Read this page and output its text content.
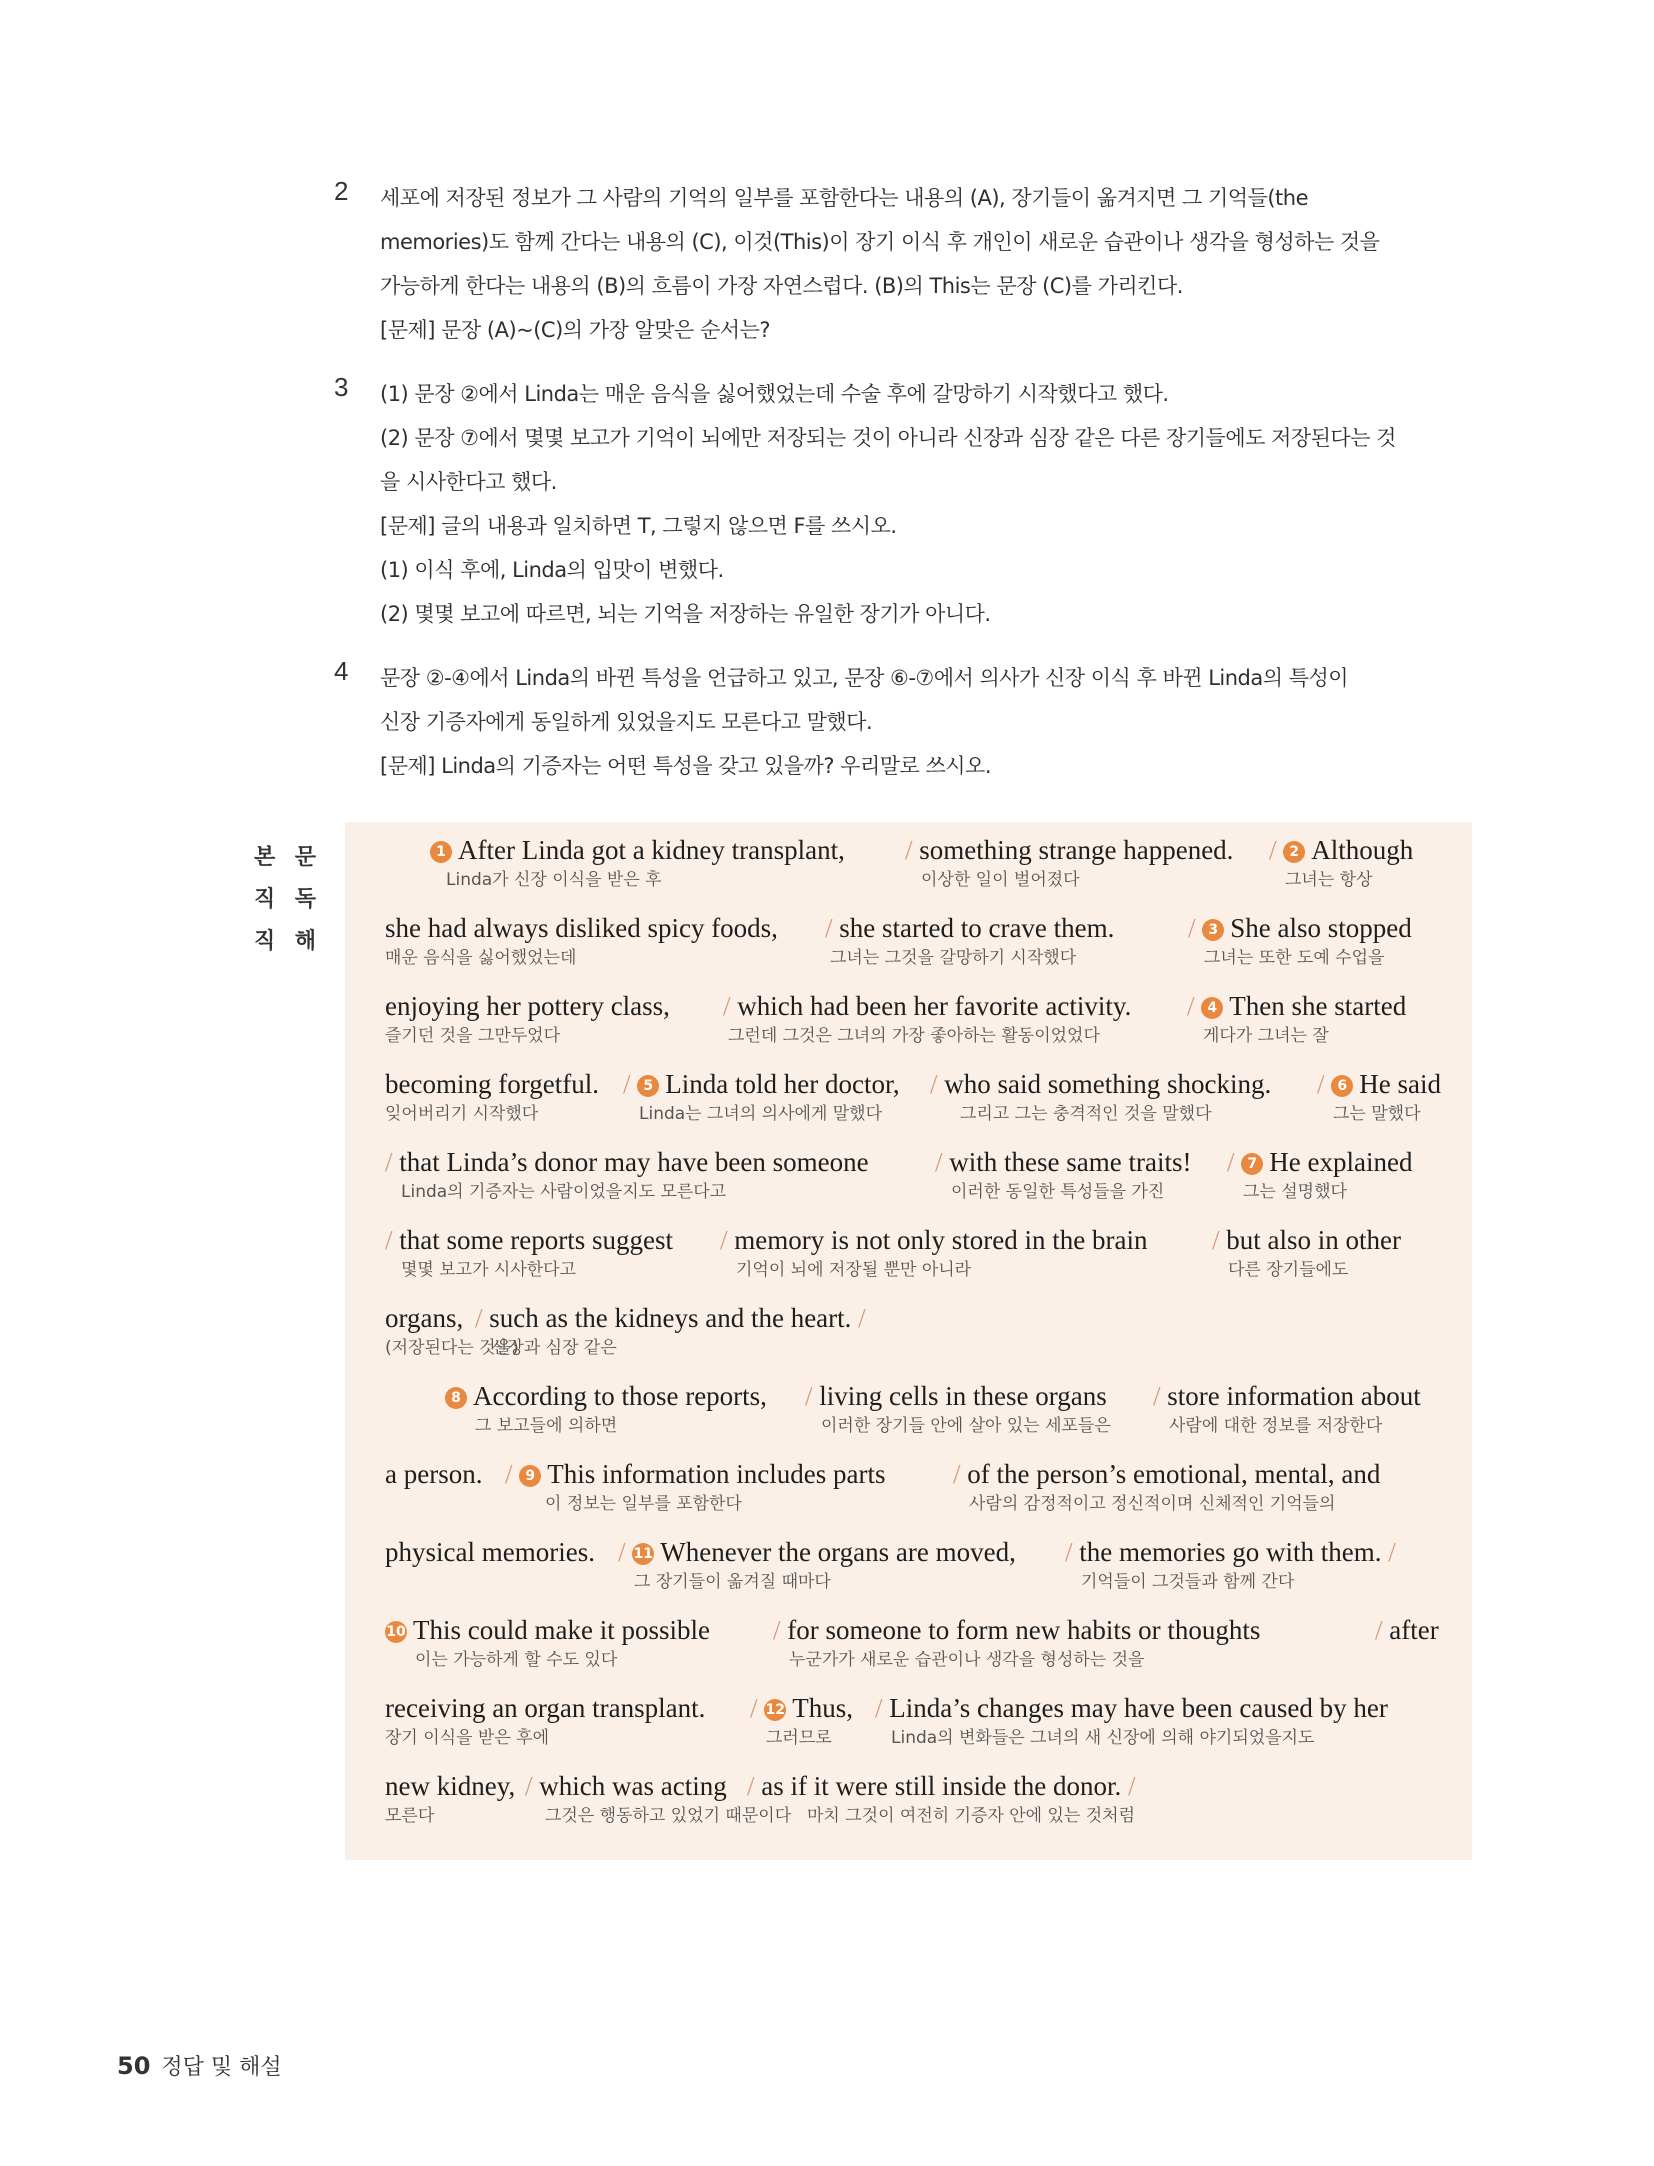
2 세포에 저장된 정보가 그 사람의 기억의 일부를 포함한다는 내용의 (A), 장기들이 옮겨지면 그 기억들(the
memories)도 함께 간다는 내용의 (C), 이것(This)이 장기 이식 후 개인이 새로운 습관이나 생각을 형성하는 것을
가능하게 한다는 내용의 (B)의 흐름이 가장 자연스럽다. (B)의 This는 문장 (C)를 가리킨다.
[문제] 문장 (A)~(C)의 가장 알맞은 순서는?
3 (1) 문장 ②에서 Linda는 매운 음식을 싫어했었는데 수술 후에 갈망하기 시작했다고 했다.
(2) 문장 ⑦에서 몇몇 보고가 기억이 뇌에만 저장되는 것이 아니라 신장과 심장 같은 다른 장기들에도 저장된다는 것
을 시사한다고 했다.
[문제] 글의 내용과 일치하면 T, 그렇지 않으면 F를 쓰시오.
(1) 이식 후에, Linda의 입맛이 변했다.
(2) 몇몇 보고에 따르면, 뇌는 기억을 저장하는 유일한 장기가 아니다.
4 문장 ②-④에서 Linda의 바뀐 특성을 언급하고 있고, 문장 ⑥-⑦에서 의사가 신장 이식 후 바뀐 Linda의 특성이
신장 기증자에게 동일하게 있었을지도 모른다고 말했다.
[문제] Linda의 기증자는 어떤 특성을 갖고 있을까? 우리말로 쓰시오.
본 문
직 독
직 해
1 After Linda got a kidney transplant,
Linda가 신장 이식을 받은 후
/ something strange happened.
이상한 일이 벌어졌다
/ 2 Although
그녀는 항상
she had always disliked spicy foods,
매운 음식을 싫어했었는데
/ she started to crave them.
그녀는 그것을 갈망하기 시작했다
/ 3 She also stopped
그녀는 또한 도예 수업을
enjoying her pottery class,
즐기던 것을 그만두었다
/ which had been her favorite activity.
그런데 그것은 그녀의 가장 좋아하는 활동이었었다
/ 4 Then she started
게다가 그녀는 잘
becoming forgetful.
잊어버리기 시작했다
/ 5 Linda told her doctor,
Linda는 그녀의 의사에게 말했다
/ who said something shocking.
그리고 그는 충격적인 것을 말했다
/ 6 He said
그는 말했다
/ that Linda’s donor may have been someone
Linda의 기증자는 사람이었을지도 모른다고
/ with these same traits!
이러한 동일한 특성들을 가진
/ 7 He explained
그는 설명했다
/ that some reports suggest
몇몇 보고가 시사한다고
/ memory is not only stored in the brain
기억이 뇌에 저장될 뿐만 아니라
/ but also in other
다른 장기들에도
organs,
(저장된다는 것을)
/ such as the kidneys and the heart. /
신장과 심장 같은
8 According to those reports,
그 보고들에 의하면
/ living cells in these organs
이러한 장기들 안에 살아 있는 세포들은
/ store information about
사람에 대한 정보를 저장한다
a person. / 9 This information includes parts
이 정보는 일부를 포함한다
/ of the person’s emotional, mental, and
사람의 감정적이고 정신적이며 신체적인 기억들의
physical memories. / 11 Whenever the organs are moved,
그 장기들이 옮겨질 때마다
/ the memories go with them. /
기억들이 그것들과 함께 간다
10 This could make it possible
이는 가능하게 할 수도 있다
/ for someone to form new habits or thoughts
누군가가 새로운 습관이나 생각을 형성하는 것을
/ after
receiving an organ transplant.
장기 이식을 받은 후에
/ 12 Thus,
그러므로
/ Linda’s changes may have been caused by her
Linda의 변화들은 그녀의 새 신장에 의해 야기되었을지도
new kidney,
모른다
/ which was acting
그것은 행동하고 있었기 때문이다
/ as if it were still inside the donor. /
마치 그것이 여전히 기증자 안에 있는 것처럼
50 정답 및 해설
